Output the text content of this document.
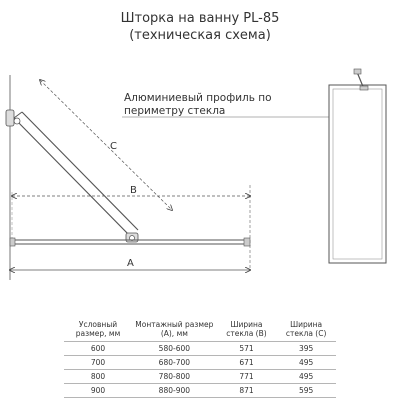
Шторка на ванну PL-85
(техническая схема)
C
B
A
Алюминиевый профиль по
периметру стекла
Условный размер, мм	Монтажный размер (А), мм	Ширина стекла (В)	Ширина стекла (С)
600	580-600	571	395
700	680-700	671	495
800	780-800	771	495
900	880-900	871	595
